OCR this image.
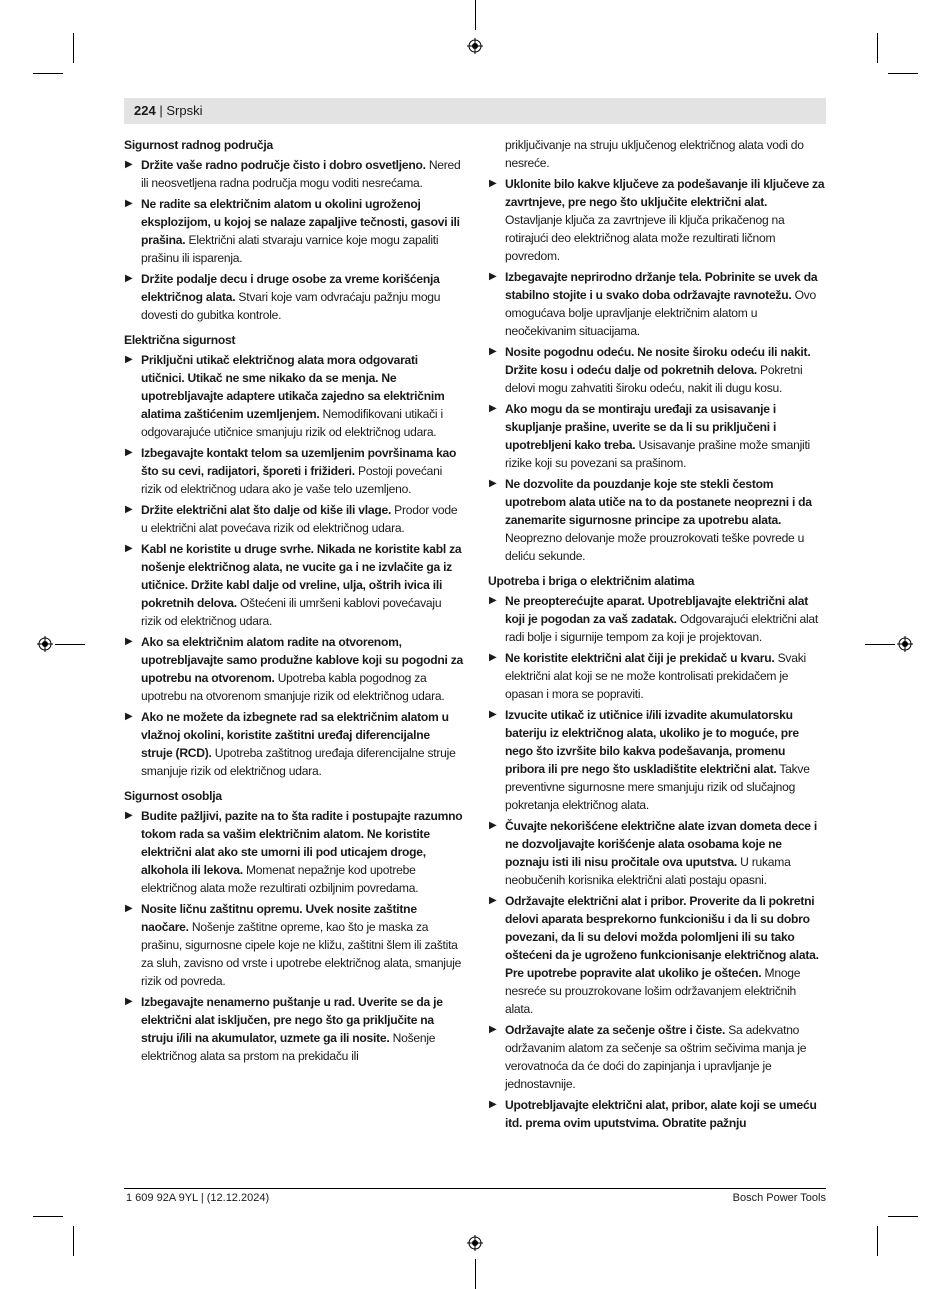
224 | Srpski
Sigurnost radnog područja
▶ Držite vaše radno područje čisto i dobro osvetljeno. Nered ili neosvetljena radna područja mogu voditi nesrećama.
▶ Ne radite sa električnim alatom u okolini ugroženoj eksplozijom, u kojoj se nalaze zapaljive tečnosti, gasovi ili prašina. Električni alati stvaraju varnice koje mogu zapaliti prašinu ili isparenja.
▶ Držite podalje decu i druge osobe za vreme korišćenja električnog alata. Stvari koje vam odvraćaju pažnju mogu dovesti do gubitka kontrole.
Električna sigurnost
▶ Priključni utikač električnog alata mora odgovarati utičnici. Utikač ne sme nikako da se menja. Ne upotrebljavajte adaptere utikača zajedno sa električnim alatima zaštićenim uzemljenjem. Nemodifikovani utikači i odgovarajuće utičnice smanjuju rizik od električnog udara.
▶ Izbegavajte kontakt telom sa uzemljenim površinama kao što su cevi, radijatori, šporeti i frižideri. Postoji povećani rizik od električnog udara ako je vaše telo uzemljeno.
▶ Držite električni alat što dalje od kiše ili vlage. Prodor vode u električni alat povećava rizik od električnog udara.
▶ Kabl ne koristite u druge svrhe. Nikada ne koristite kabl za nošenje električnog alata, ne vucite ga i ne izvlačite ga iz utičnice. Držite kabl dalje od vreline, ulja, oštrih ivica ili pokretnih delova. Oštećeni ili umršeni kablovi povećavaju rizik od električnog udara.
▶ Ako sa električnim alatom radite na otvorenom, upotrebljavajte samo produžne kablove koji su pogodni za upotrebu na otvorenom. Upotreba kabla pogodnog za upotrebu na otvorenom smanjuje rizik od električnog udara.
▶ Ako ne možete da izbegnete rad sa električnim alatom u vlažnoj okolini, koristite zaštitni uređaj diferencijalne struje (RCD). Upotreba zaštitnog uređaja diferencijalne struje smanjuje rizik od električnog udara.
Sigurnost osoblja
▶ Budite pažljivi, pazite na to šta radite i postupajte razumno tokom rada sa vašim električnim alatom. Ne koristite električni alat ako ste umorni ili pod uticajem droge, alkohola ili lekova. Momenat nepažnje kod upotrebe električnog alata može rezultirati ozbiljnim povredama.
▶ Nosite ličnu zaštitnu opremu. Uvek nosite zaštitne naočare. Nošenje zaštitne opreme, kao što je maska za prašinu, sigurnosne cipele koje ne kližu, zaštitni šlem ili zaštita za sluh, zavisno od vrste i upotrebe električnog alata, smanjuje rizik od povreda.
▶ Izbegavajte nenamerno puštanje u rad. Uverite se da je električni alat isključen, pre nego što ga priključite na struju i/ili na akumulator, uzmete ga ili nosite. Nošenje električnog alata sa prstom na prekidaču ili
priključivanje na struju uključenog električnog alata vodi do nesreće.
▶ Uklonite bilo kakve ključeve za podešavanje ili ključeve za zavrtnjeve, pre nego što uključite električni alat. Ostavljanje ključa za zavrtnjeve ili ključa prikačenog na rotirajući deo električnog alata može rezultirati ličnom povredom.
▶ Izbegavajte neprirodno držanje tela. Pobrinite se uvek da stabilno stojite i u svako doba održavajte ravnotežu. Ovo omogućava bolje upravljanje električnim alatom u neočekivanim situacijama.
▶ Nosite pogodnu odeću. Ne nosite široku odeću ili nakit. Držite kosu i odeću dalje od pokretnih delova. Pokretni delovi mogu zahvatiti široku odeću, nakit ili dugu kosu.
▶ Ako mogu da se montiraju uređaji za usisavanje i skupljanje prašine, uverite se da li su priključeni i upotrebljeni kako treba. Usisavanje prašine može smanjiti rizike koji su povezani sa prašinom.
▶ Ne dozvolite da pouzdanje koje ste stekli čestom upotrebom alata utiče na to da postanete neoprezni i da zanemarite sigurnosne principe za upotrebu alata. Neoprezno delovanje može prouzrokovati teške povrede u deliću sekunde.
Upotreba i briga o električnim alatima
▶ Ne preopterećujte aparat. Upotrebljavajte električni alat koji je pogodan za vaš zadatak. Odgovarajući električni alat radi bolje i sigurnije tempom za koji je projektovan.
▶ Ne koristite električni alat čiji je prekidač u kvaru. Svaki električni alat koji se ne može kontrolisati prekidačem je opasan i mora se popraviti.
▶ Izvucite utikač iz utičnice i/ili izvadite akumulatorsku bateriju iz električnog alata, ukoliko je to moguće, pre nego što izvršite bilo kakva podešavanja, promenu pribora ili pre nego što uskladištite električni alat. Takve preventivne sigurnosne mere smanjuju rizik od slučajnog pokretanja električnog alata.
▶ Čuvajte nekorišćene električne alate izvan dometa dece i ne dozvoljavajte korišćenje alata osobama koje ne poznaju isti ili nisu pročitale ova uputstva. U rukama neobučenih korisnika električni alati postaju opasni.
▶ Održavajte električni alat i pribor. Proverite da li pokretni delovi aparata besprekorno funkcionišu i da li su dobro povezani, da li su delovi možda polomljeni ili su tako oštećeni da je ugroženo funkcionisanje električnog alata. Pre upotrebe popravite alat ukoliko je oštećen. Mnoge nesreće su prouzrokovane lošim održavanjem električnih alata.
▶ Održavajte alate za sečenje oštre i čiste. Sa adekvatno održavanim alatom za sečenje sa oštrim sečivima manja je verovatnoća da će doći do zapinjanja i upravljanje je jednostavnije.
▶ Upotrebljavajte električni alat, pribor, alate koji se umeću itd. prema ovim uputstvima. Obratite pažnju
1 609 92A 9YL | (12.12.2024)	Bosch Power Tools
